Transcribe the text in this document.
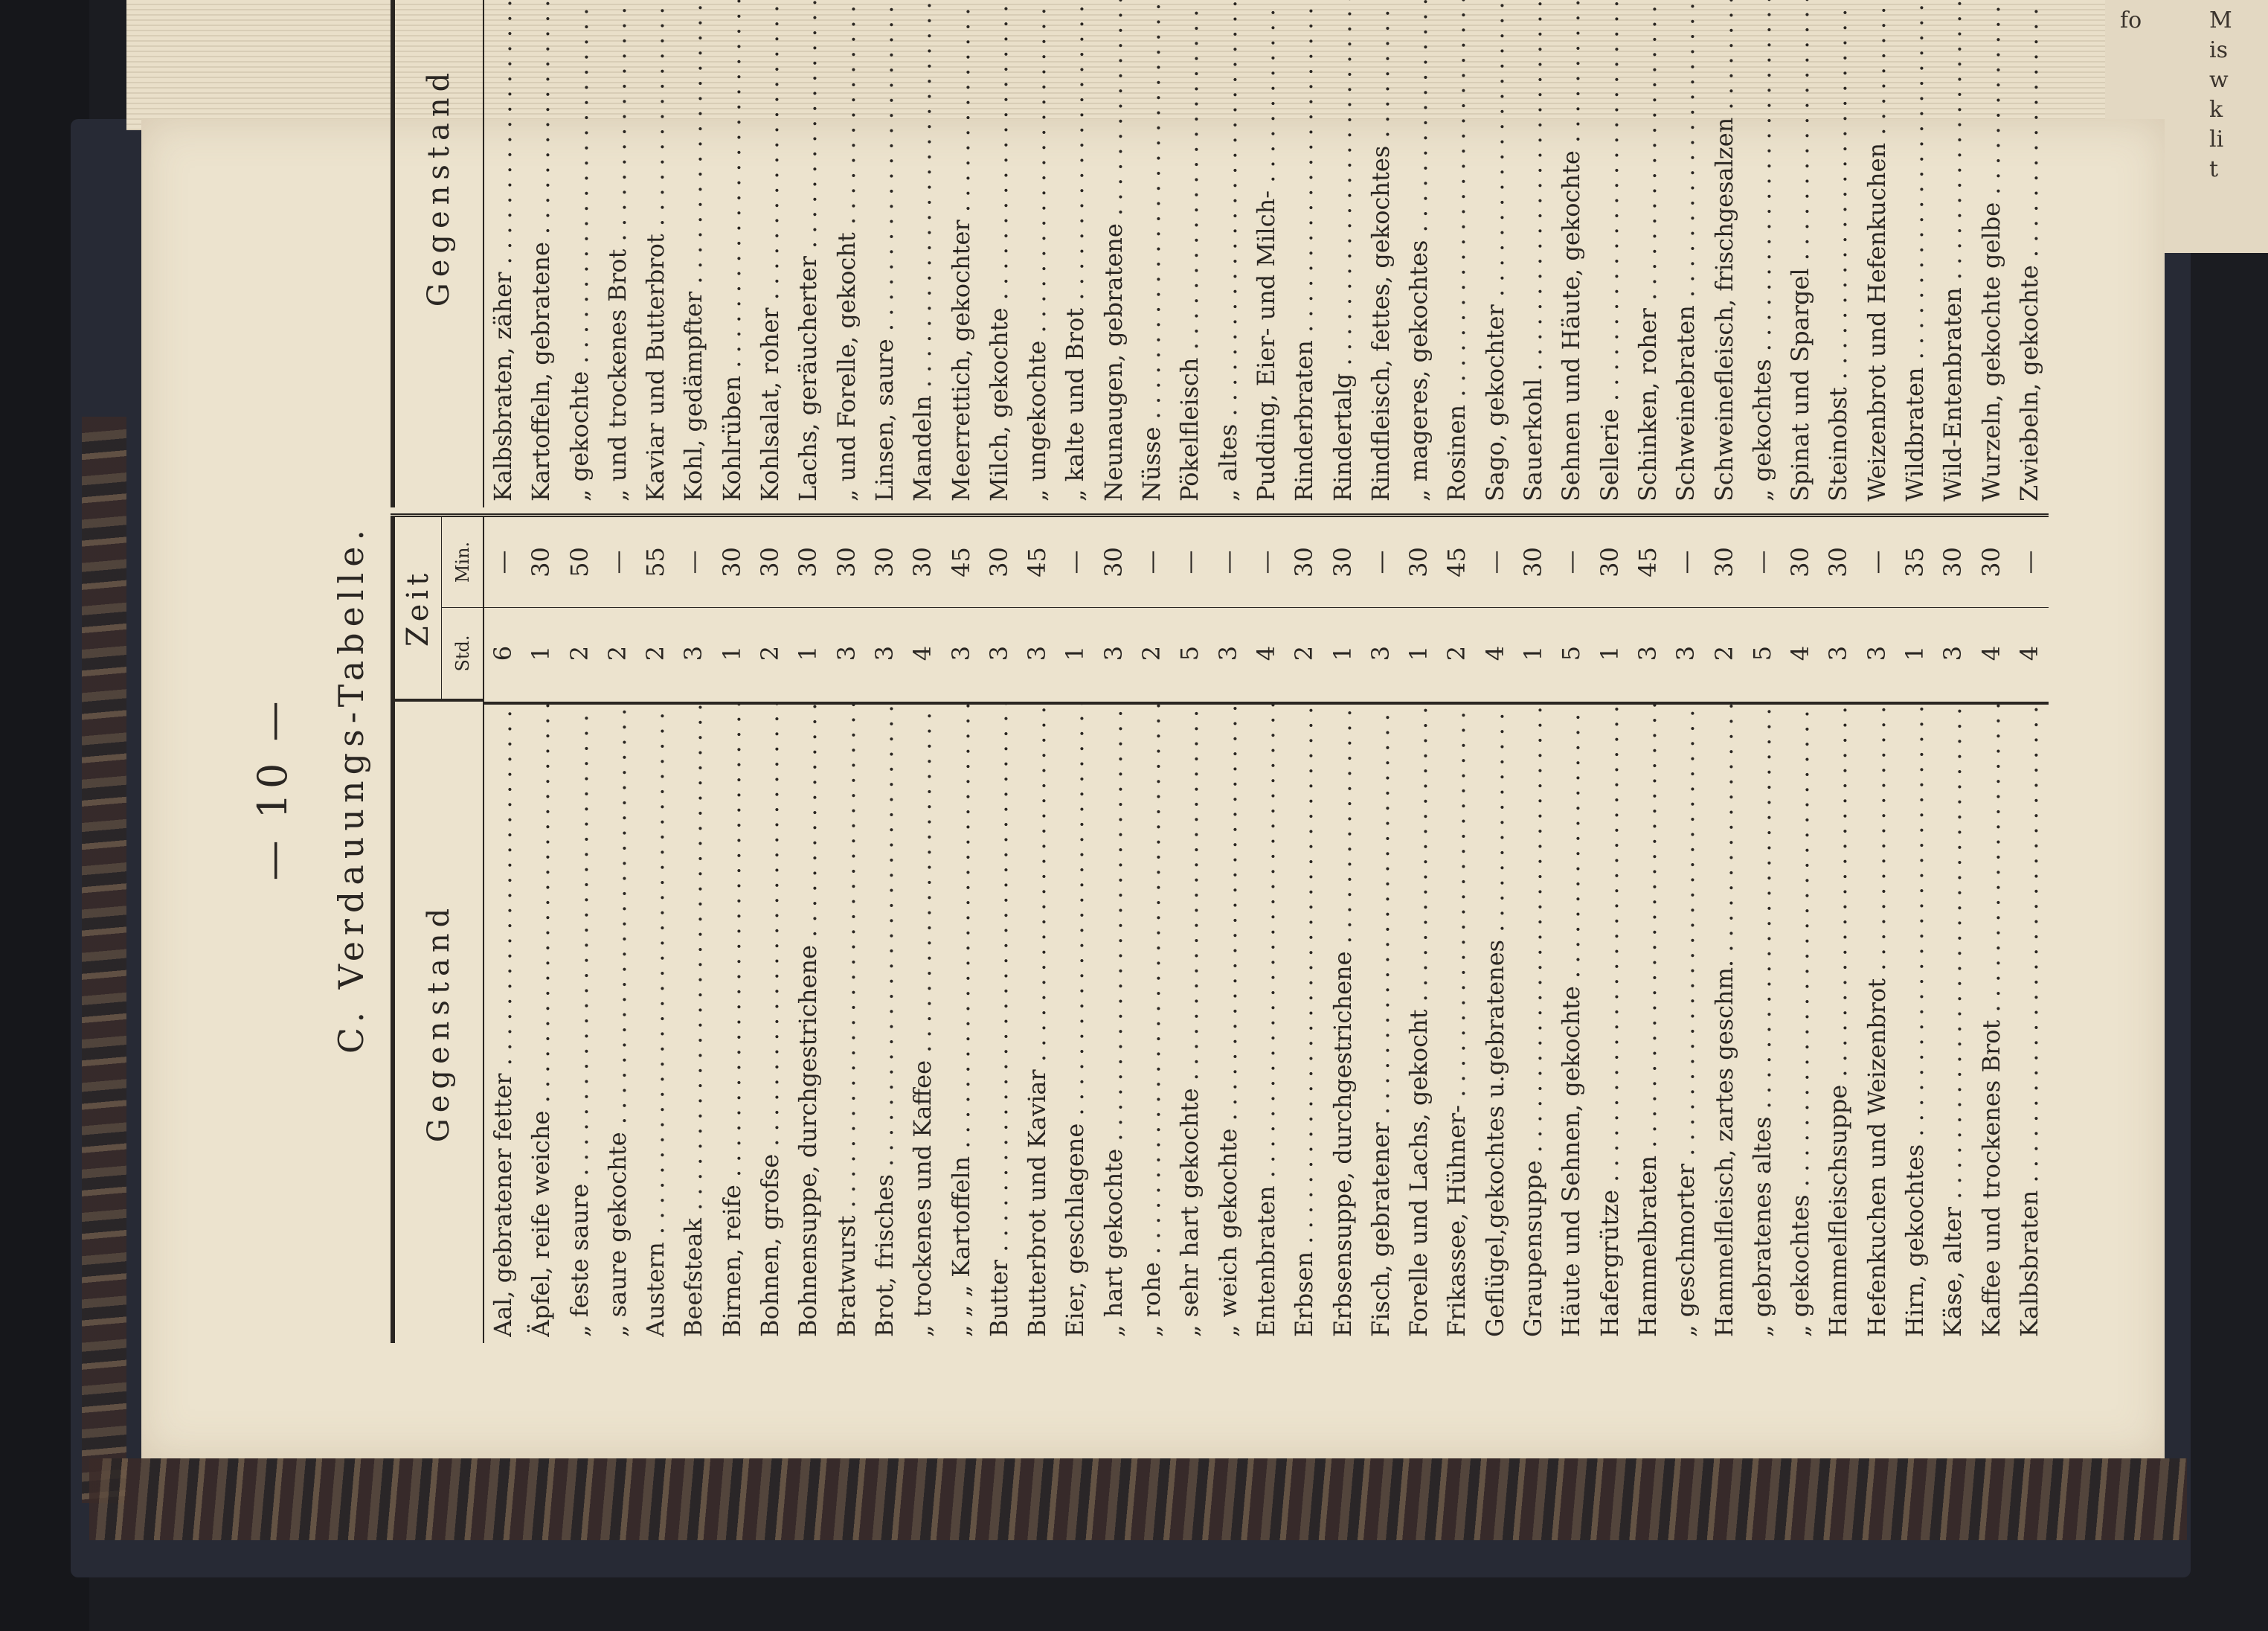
fo	M
is
w
k
li
t
— 10 — C. Verdauungs-Tabelle.	Gegenstand
Zeit
Std.
Min.
Aal, gebratener fetter . . .
6
—
Äpfel, reife weiche . . .
1
30
„ feste saure . . .
2
50
„ saure gekochte . . .
2
—
Austern . . .
2
55
Beefsteak . . .
3
—
Birnen, reife . . .
1
30
Bohnen, grofse . . .
2
30
Bohnensuppe, durchgestrichene . . .
1
30
Bratwurst . . .
3
30
Brot, frisches . . .
3
30
„ trockenes und Kaffee . . .
4
30
„ „ „ Kartoffeln . . .
3
45
Butter . . .
3
30
Butterbrot und Kaviar . . .
3
45
Eier, geschlagene . . .
1
—
„ hart gekochte . . .
3
30
„ rohe . . .
2
—
„ sehr hart gekochte . . .
5
—
„ weich gekochte . . .
3
—
Entenbraten . . .
4
—
Erbsen . . .
2
30
Erbsensuppe, durchgestrichene . . .
1
30
Fisch, gebratener . . .
3
—
Forelle und Lachs, gekocht . . .
1
30
Frikassee, Hühner- . . .
2
45
Geflügel,gekochtes u.gebratenes . . .
4
—
Graupensuppe . . .
1
30
Häute und Sehnen, gekochte . . .
5
—
Hafergrütze . . .
1
30
Hammelbraten . . .
3
45
„ geschmorter . . .
3
—
Hammelfleisch, zartes geschm. . . .
2
30
„ gebratenes altes . . .
5
—
„ gekochtes . . .
4
30
Hammelfleischsuppe . . .
3
30
Hefenkuchen und Weizenbrot . . .
3
—
Hirn, gekochtes . . .
1
35
Käse, alter . . .
3
30
Kaffee und trockenes Brot . . .
4
30
Kalbsbraten . . .
4
—
Gegenstand
Kalbsbraten, zäher . . . Kartoffeln, gebratene . . . „ gekochte . . . „ und trockenes Brot . . . Kaviar und Butterbrot . . . Kohl, gedämpfter . . . Kohlrüben . . . Kohlsalat, roher . . . Lachs, geräucherter . . . „ und Forelle, gekocht . . . Linsen, saure . . . Mandeln . . . Meerrettich, gekochter . . . Milch, gekochte . . . „ ungekochte . . . „ kalte und Brot . . . Neunaugen, gebratene . . . Nüsse . . . Pökelfleisch . . . „ altes . . . Pudding, Eier- und Milch- . . . Rinderbraten . . . Rindertalg . . . Rindfleisch, fettes, gekochtes . . . „ mageres, gekochtes . . . Rosinen . . . Sago, gekochter . . . Sauerkohl . . . Sehnen und Häute, gekochte . . . Sellerie . . . Schinken, roher . . . Schweinebraten . . . Schweinefleisch, frischgesalzen . . . „ gekochtes . . . Spinat und Spargel . . . Steinobst . . . Weizenbrot und Hefenkuchen . . . Wildbraten . . . Wild-Entenbraten . . . Wurzeln, gekochte gelbe . . . Zwiebeln, gekochte . . .
